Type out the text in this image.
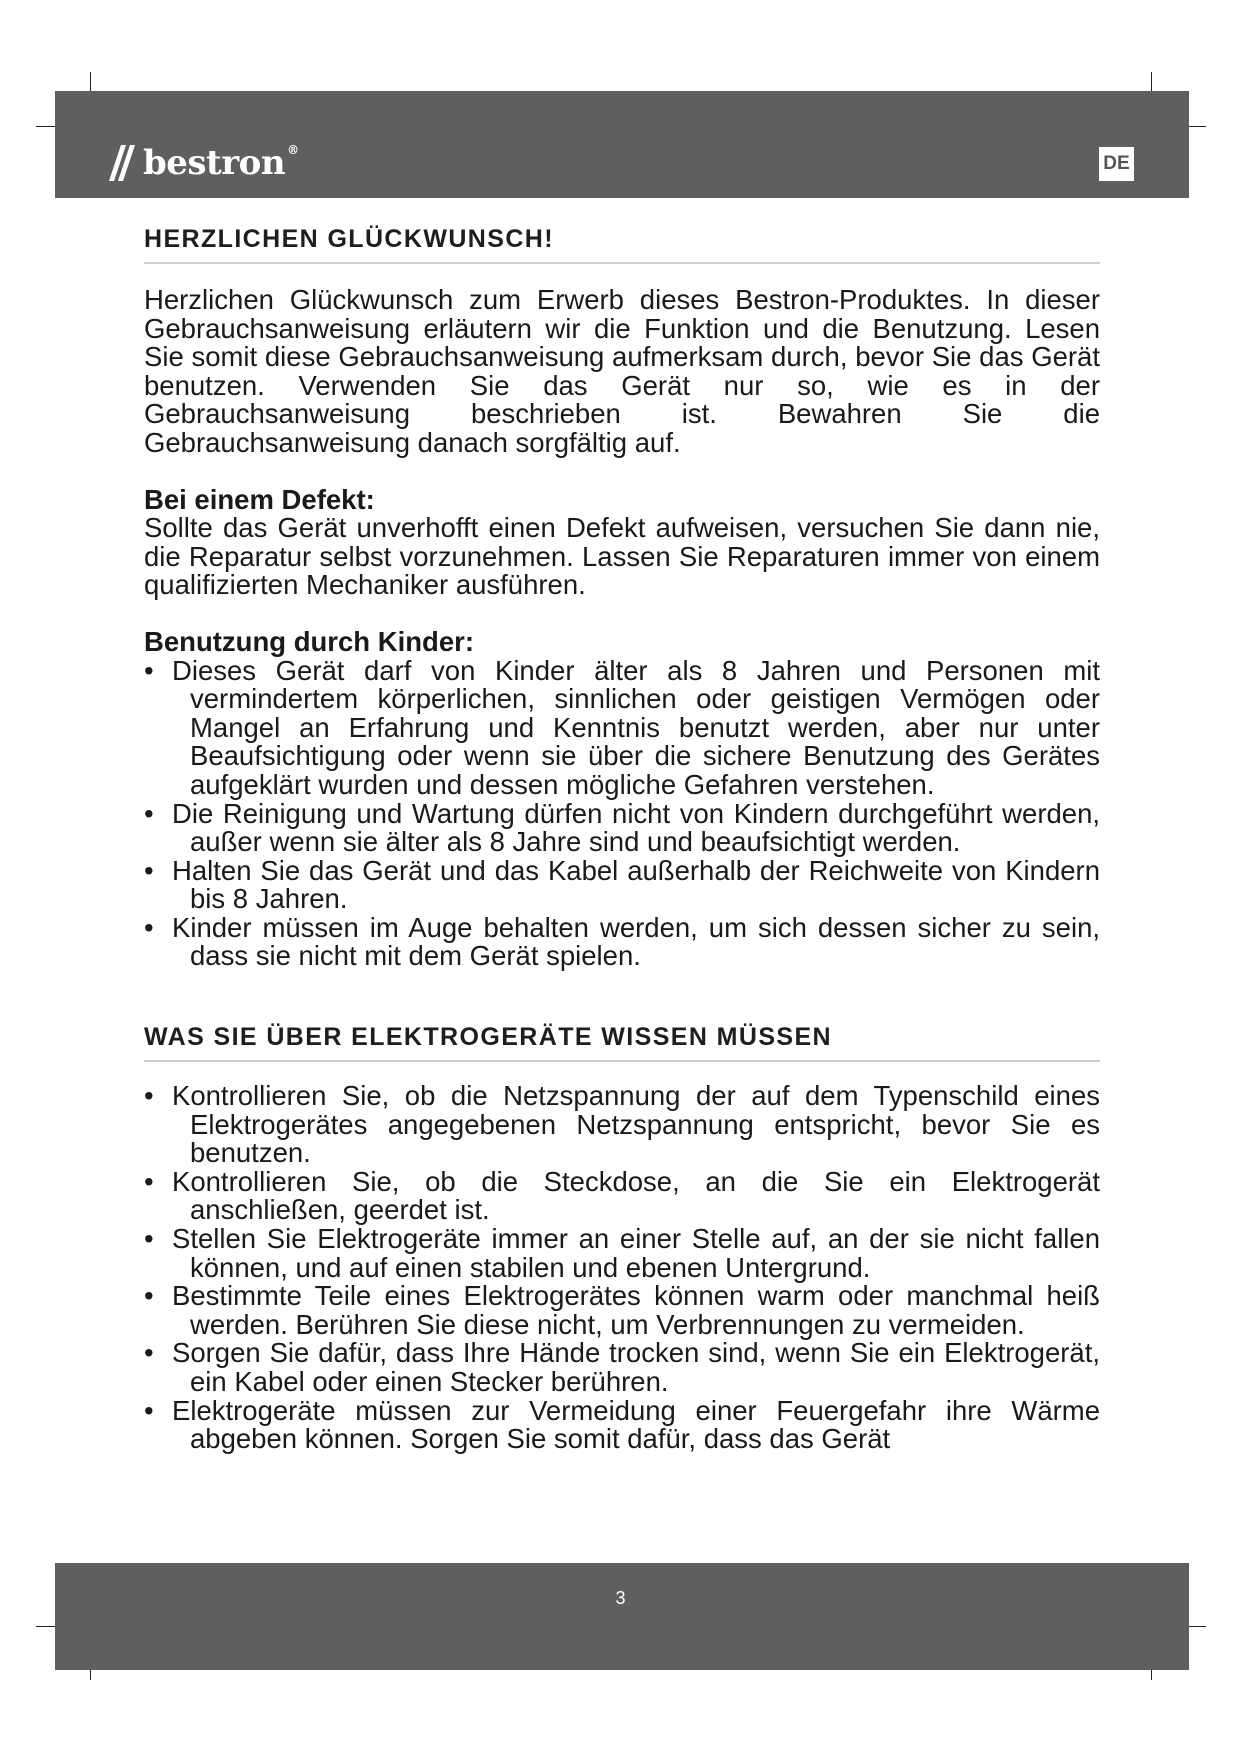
bestron ®
DE
HERZLICHEN GLÜCKWUNSCH!

Herzlichen Glückwunsch zum Erwerb dieses Bestron-Produktes. In dieser Gebrauchsanweisung erläutern wir die Funktion und die Benutzung. Lesen Sie somit diese Gebrauchsanweisung aufmerksam durch, bevor Sie das Gerät benutzen. Verwenden Sie das Gerät nur so, wie es in der Gebrauchsanweisung beschrieben ist. Bewahren Sie die Gebrauchsanweisung danach sorgfältig auf.

Bei einem Defekt:

Sollte das Gerät unverhofft einen Defekt aufweisen, versuchen Sie dann nie, die Reparatur selbst vorzunehmen. Lassen Sie Reparaturen immer von einem qualifizierten Mechaniker ausführen.

Benutzung durch Kinder:

• Dieses Gerät darf von Kinder älter als 8 Jahren und Personen mit vermindertem körperlichen, sinnlichen oder geistigen Vermögen oder Mangel an Erfahrung und Kenntnis benutzt werden, aber nur unter Beaufsichtigung oder wenn sie über die sichere Benutzung des Gerätes aufgeklärt wurden und dessen mögliche Gefahren verstehen.
• Die Reinigung und Wartung dürfen nicht von Kindern durchgeführt werden, außer wenn sie älter als 8 Jahre sind und beaufsichtigt werden.
• Halten Sie das Gerät und das Kabel außerhalb der Reichweite von Kindern bis 8 Jahren.
• Kinder müssen im Auge behalten werden, um sich dessen sicher zu sein, dass sie nicht mit dem Gerät spielen.
WAS SIE ÜBER ELEKTROGERÄTE WISSEN MÜSSEN
• Kontrollieren Sie, ob die Netzspannung der auf dem Typenschild eines Elektrogerätes angegebenen Netzspannung entspricht, bevor Sie es benutzen.
• Kontrollieren Sie, ob die Steckdose, an die Sie ein Elektrogerät anschließen, geerdet ist.
• Stellen Sie Elektrogeräte immer an einer Stelle auf, an der sie nicht fallen können, und auf einen stabilen und ebenen Untergrund.
• Bestimmte Teile eines Elektrogerätes können warm oder manchmal heiß werden. Berühren Sie diese nicht, um Verbrennungen zu vermeiden.
• Sorgen Sie dafür, dass Ihre Hände trocken sind, wenn Sie ein Elektrogerät, ein Kabel oder einen Stecker berühren.
• Elektrogeräte müssen zur Vermeidung einer Feuergefahr ihre Wärme abgeben können. Sorgen Sie somit dafür, dass das Gerät
3
